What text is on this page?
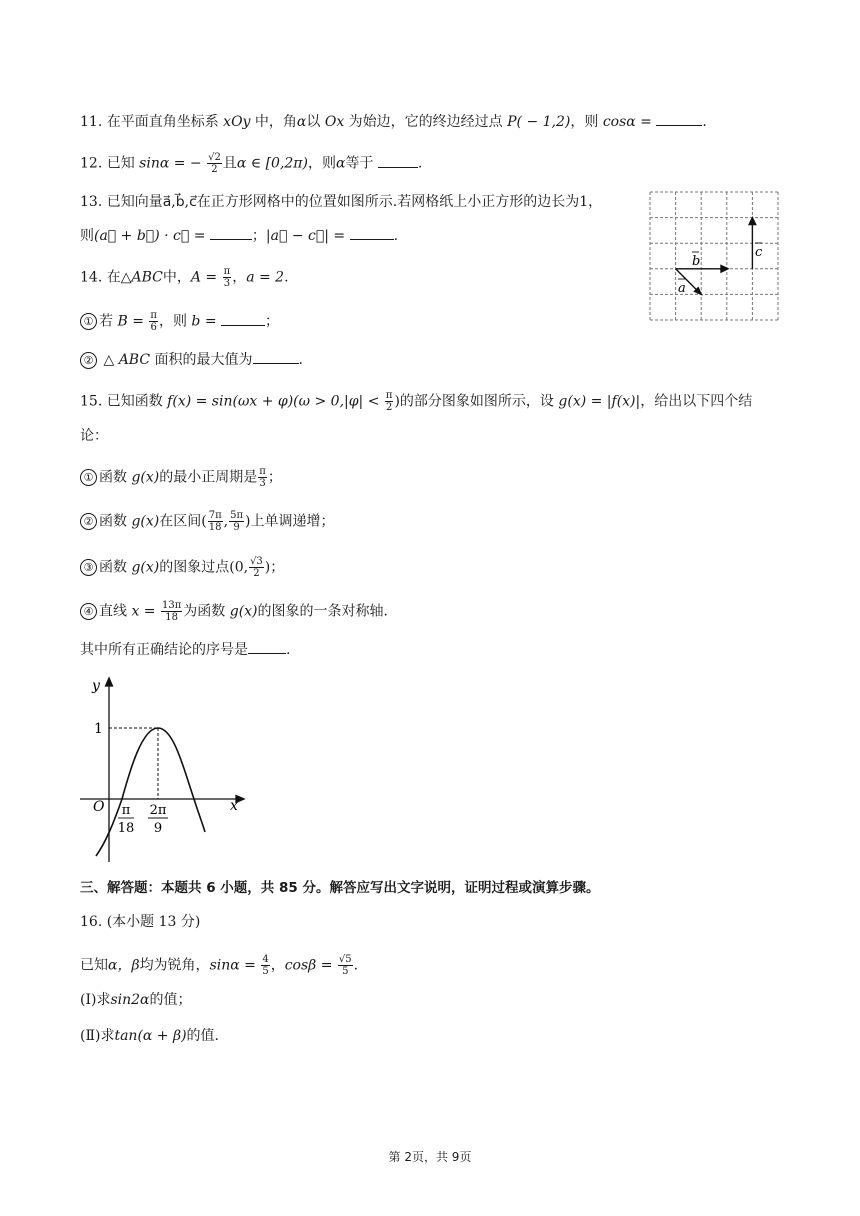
11. 在平面直角坐标系 xOy 中，角α以 Ox 为始边，它的终边经过点 P( − 1,2)，则 cosα =	.
12. 已知 sinα = − $\frac{√2}{2}$ 且α ∈ [0,2π)，则α等于	.
13. 已知向量a⃗,b⃗,c⃗在正方形网格中的位置如图所示.若网格纸上小正方形的边长为1，
则(a⃗ + b⃗) · c⃗ =	；|a⃗ − c⃗| =	.
a
b
c
14. 在△ABC中，$A = \frac{\pi}{3}$ ，a = 2.
① 若 $B = \frac{\pi}{6}$ ，则 b =	；
② △ ABC 面积的最大值为	.
15. 已知函数 $f(x) = \sin(\omega x + \varphi)(\omega > 0,|\varphi| < \frac{\pi}{2}$ )的部分图象如图所示，设 g(x) = |f(x)|，给出以下四个结
论：
① 函数 g(x)的最小正周期是 $\frac{\pi}{3}$ ；
② 函数 g(x)在区间( $\frac{7\pi}{18}$ , $\frac{5\pi}{9}$ )上单调递增；
③ 函数 g(x)的图象过点(0, $\frac{√3}{2}$ )；
④ 直线 $x = \frac{13\pi}{18}$ 为函数 g(x)的图象的一条对称轴.
其中所有正确结论的序号是	.
y
x
O
1
π
18
2π
9
三、解答题：本题共 6 小题，共 85 分。解答应写出文字说明，证明过程或演算步骤。
16. (本小题 13 分)
已知α，β均为锐角，$\sin\alpha = \frac{4}{5}$ ，$\cos\beta = \frac{√5}{5}$ .
(Ⅰ)求sin2α的值；
(Ⅱ)求tan(α + β)的值.
第 2页，共 9页
